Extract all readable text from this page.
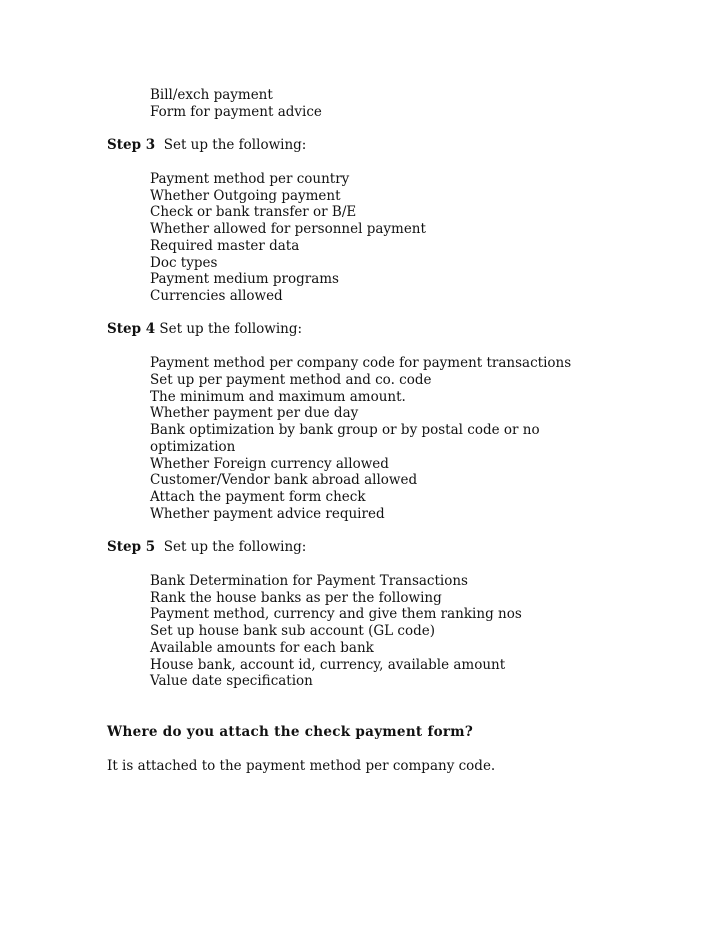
Bill/exch payment
Form for payment advice
Step 3 Set up the following:
Payment method per country
Whether Outgoing payment
Check or bank transfer or B/E
Whether allowed for personnel payment
Required master data
Doc types
Payment medium programs
Currencies allowed
Step 4 Set up the following:
Payment method per company code for payment transactions
Set up per payment method and co. code
The minimum and maximum amount.
Whether payment per due day
Bank optimization by bank group or by postal code or no
optimization
Whether Foreign currency allowed
Customer/Vendor bank abroad allowed
Attach the payment form check
Whether payment advice required
Step 5 Set up the following:
Bank Determination for Payment Transactions
Rank the house banks as per the following
Payment method, currency and give them ranking nos
Set up house bank sub account (GL code)
Available amounts for each bank
House bank, account id, currency, available amount
Value date specification
Where do you attach the check payment form?
It is attached to the payment method per company code.
